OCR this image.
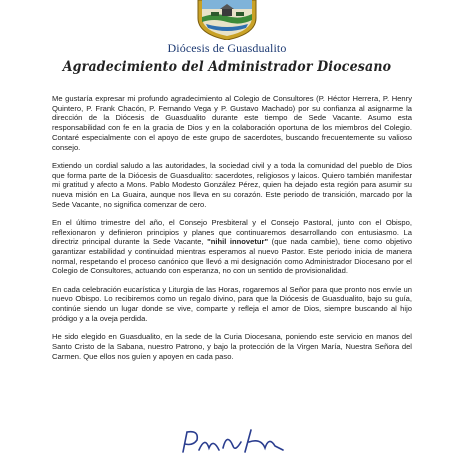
Diócesis de Guasdualito
Agradecimiento del Administrador Diocesano

Me gustaría expresar mi profundo agradecimiento al Colegio de Consultores (P. Héctor Herrera, P. Henry Quintero, P. Frank Chacón, P. Fernando Vega y P. Gustavo Machado) por su confianza al asignarme la dirección de la Diócesis de Guasdualito durante este tiempo de Sede Vacante. Asumo esta responsabilidad con fe en la gracia de Dios y en la colaboración oportuna de los miembros del Colegio. Contaré especialmente con el apoyo de este grupo de sacerdotes, buscando frecuentemente su valioso consejo.

Extiendo un cordial saludo a las autoridades, la sociedad civil y a toda la comunidad del pueblo de Dios que forma parte de la Diócesis de Guasdualito: sacerdotes, religiosos y laicos. Quiero también manifestar mi gratitud y afecto a Mons. Pablo Modesto González Pérez, quien ha dejado esta región para asumir su nueva misión en La Guaira, aunque nos lleva en su corazón. Este periodo de transición, marcado por la Sede Vacante, no significa comenzar de cero.

En el último trimestre del año, el Consejo Presbiteral y el Consejo Pastoral, junto con el Obispo, reflexionaron y definieron principios y planes que continuaremos desarrollando con entusiasmo. La directriz principal durante la Sede Vacante, "nihil innovetur" (que nada cambie), tiene como objetivo garantizar estabilidad y continuidad mientras esperamos al nuevo Pastor. Este periodo inicia de manera normal, respetando el proceso canónico que llevó a mi designación como Administrador Diocesano por el Colegio de Consultores, actuando con esperanza, no con un sentido de provisionalidad.

En cada celebración eucarística y Liturgia de las Horas, rogaremos al Señor para que pronto nos envíe un nuevo Obispo. Lo recibiremos como un regalo divino, para que la Diócesis de Guasdualito, bajo su guía, continúe siendo un lugar donde se vive, comparte y refleja el amor de Dios, siempre buscando al hijo pródigo y a la oveja perdida.

He sido elegido en Guasdualito, en la sede de la Curia Diocesana, poniendo este servicio en manos del Santo Cristo de la Sabana, nuestro Patrono, y bajo la protección de la Virgen María, Nuestra Señora del Carmen. Que ellos nos guíen y apoyen en cada paso.
